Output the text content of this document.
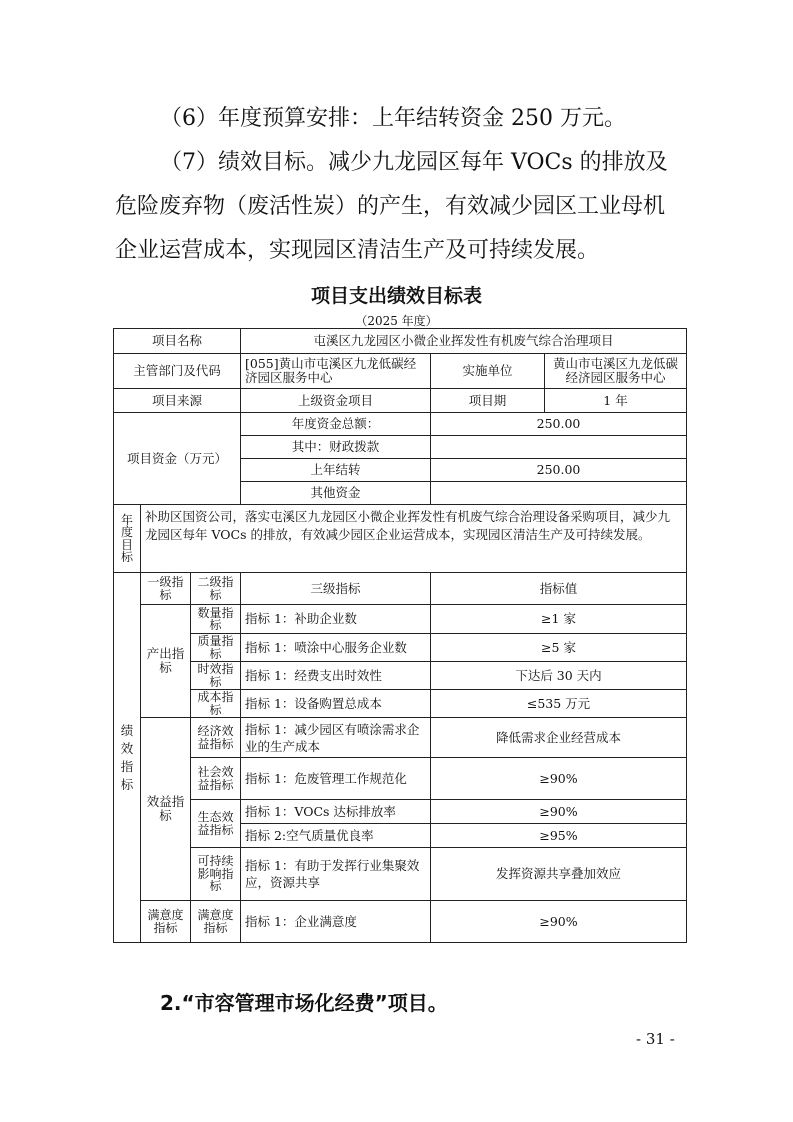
（6）年度预算安排：上年结转资金 250 万元。
（7）绩效目标。减少九龙园区每年 VOCs 的排放及
危险废弃物（废活性炭）的产生，有效减少园区工业母机
企业运营成本，实现园区清洁生产及可持续发展。
项目支出绩效目标表
（2025 年度）
项目名称			屯溪区九龙园区小微企业挥发性有机废气综合治理项目		
主管部门及代码			[055]黄山市屯溪区九龙低碳经济园区服务中心	实施单位	黄山市屯溪区九龙低碳经济园区服务中心
项目来源			上级资金项目	项目期	1 年
项目资金（万元）			年度资金总额：	250.00	
			其中：财政拨款		
			上年结转	250.00	
			其他资金		
年度目标	补助区国资公司，落实屯溪区九龙园区小微企业挥发性有机废气综合治理设备采购项目，减少九龙园区每年 VOCs 的排放，有效减少园区企业运营成本，实现园区清洁生产及可持续发展。				
绩效指标	一级指标	二级指标	三级指标	指标值	
	产出指标	数量指标	指标 1：补助企业数	≥1 家	
		质量指标	指标 1：喷涂中心服务企业数	≥5 家	
		时效指标	指标 1：经费支出时效性	下达后 30 天内	
		成本指标	指标 1：设备购置总成本	≤535 万元	
	效益指标	经济效益指标	指标 1：减少园区有喷涂需求企业的生产成本	降低需求企业经营成本	
		社会效益指标	指标 1：危废管理工作规范化	≥90%	
		生态效益指标	指标 1：VOCs 达标排放率	≥90%	
			指标 2:空气质量优良率	≥95%	
		可持续影响指标	指标 1：有助于发挥行业集聚效应，资源共享	发挥资源共享叠加效应	
	满意度指标	满意度指标	指标 1：企业满意度	≥90%	
2.“市容管理市场化经费”项目。
- 31 -
